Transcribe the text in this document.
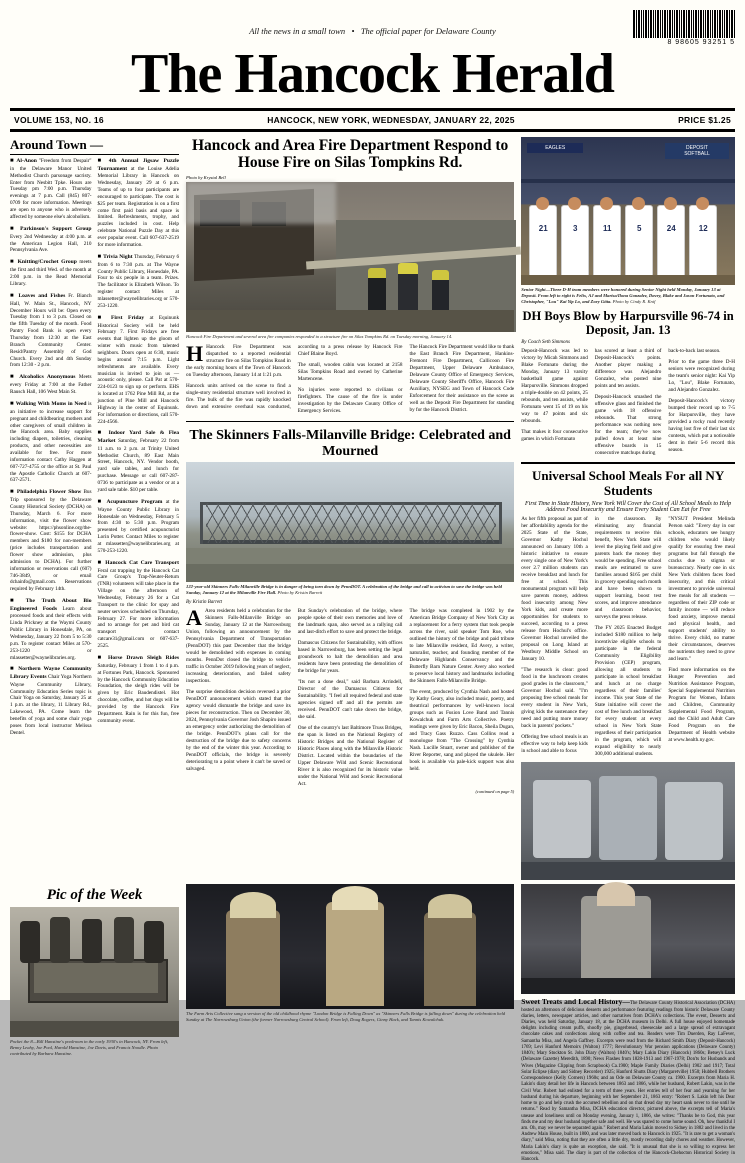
All the news in a small town   •   The official paper for Delaware County
8 98605 93251 5
The Hancock Herald
VOLUME 153, NO. 16	HANCOCK, NEW YORK, WEDNESDAY, JANUARY 22, 2025	PRICE $1.25
Around Town —

■ Al-Anon "Freedom from Despair" in the Delaware Manor United Methodist Church parsonage sacristy. Enter from Nesbitt Tpke. Hours are Tuesday pm 7:00 p.m. Thursday evenings at 7 p.m. Call (845) 807-0709 for more information. Meetings are open to anyone who is adversely affected by someone else's alcoholism.

■ Parkinson's Support Group Every 2nd Wednesday at 4:00 p.m. at the American Legion Hall, 210 Pennsylvania Ave.

■ Knitting/Crochet Group meets the first and third Wed. of the month at 2:00 p.m. in the Read Memorial Library.

■ Loaves and Fishes Fr. Bianch Hall, W. Main St., Hancock, NY December Hours will be: Open every Tuesday from 1 to 3 p.m. Closed on the fifth Tuesday of the month. Food Pantry Food Bank is open every Thursday from 12:30 at the East Branch Community Center. Resid/Pantry Assembly of God Church. Every 2nd and 4th Sunday from 12:30 - 2 p.m.

■ Alcoholics Anonymous Meets every Friday at 7:00 at the Father Rausch Hall, 106 West Main St.

■ Walking With Moms in Need is an initiative to increase support for pregnant and childbearing mothers and other caregivers of small children in the Hancock area. Baby supplies including diapers, toiletries, cleaning products, and other necessities are available for free. For more information contact Cathy Haggen at 607-727-4755 or the office at St. Paul the Apostle Catholic Church at 607-637-2571.

■ Philadelphia Flower Show Bus Trip sponsored by the Delaware County Historical Society (DCHA) on Thursday, March 6. For more information, visit the flower show website: https://phsonline.org/the-flower-show. Cost: $155 for DCHA members and $180 for non-members (price includes transportation and flower show admission, plus admission to DCHA). For further information or reservations call (607) 746-3849, or email dchainfo@gmail.com. Reservations required by February 14th.

■ The Truth About Bio Engineered Foods Learn about processed foods and their effects with Linda Prickney at the Waymi County Public Library in Honesdale, PA, on Wednesday, January 22 from 5 to 5:30 p.m. To register contact Miles at 570-253-1220 or mlassetter@waynelibraries.org.

■ Northern Wayne Community Library Events Chair Yoga Northern Wayne Community Library, Community Education Series topic is Chair Yoga on Saturday, January 25 at 1 p.m. at the library, 11 Library Rd., Lakewood, PA. Come learn the benefits of yoga and some chair yoga poses from local instructor Melissa Dentel.

■ 4th Annual Jigsaw Puzzle Tournament at the Louise Adelia Memorial Library in Hancock on Wednesday, January 29 at 6 p.m. Teams of up to four participants are encouraged to participate. The cost is $25 per team. Registration is on a first come first paid basis and space is limited. Refreshments, trophy, and puzzles included in cost. Help celebrate National Puzzle Day at this ever popular event. Call 607-637-2519 for more information.

■ Trivia Night Thursday, February 6 from 6 to 7:30 p.m. at The Wayne County Public Library, Honesdale, PA. Four to six people in a team. Prizes. The facilitator is Elizabeth Wilson. To register contact Miles at mlassetter@waynelibraries.org or 570-253-1220.

■ First Friday at Equinunk Historical Society will be held February 7. First Fridays are free events that lighten up the gloom of winter with music from talented neighbors. Doors open at 6:30, music begins around 7:15 p.m. Light refreshments are available. Every musician is invited to join us — acoustic only, please. Call Pat at 570-224-0123 to sign up or perform. EHS is located at 1762 Pine Mill Rd, at the junction of Pine Mill and Hancock Highway in the center of Equinunk. For information or directions, call 570-224-4566.

■ Indoor Yard Sale & Flea Market Saturday, February 22 from 11 a.m. to 2 p.m. at Trinity United Methodist Church, 89 East Main Street, Hancock, NY. Vendor booth, yard sale tables, and lunch for purchase. Message or call 607-287-0736 to participate as a vendor or at a yard sale table. $10 per table.

■ Acupuncture Program at the Wayne County Public Library in Honesdale on Wednesday, February 5 from 4:30 to 5:30 p.m. Program presented by certified acupuncturist Lorin Potter. Contact Miles to register at mlassetter@waynelibraries.org at 570-253-1220.

■ Hancock Cat Care Transport Feral cat trapping by the Hancock Cat Care Group's Trap-Neuter-Return (TNR) volunteers will take place in the Village on the afternoon of Wednesday, February 26 for a Cat Transport to the clinic for spay and neuter services scheduled on Thursday, February 27. For more information and to arrange for pet and bird cat transport contact catcare31@gmail.com or 607-637-2525.

■ Horse Drawn Sleigh Rides Saturday, February 1 from 1 to 4 p.m. at Fortunes Park, Hancock. Sponsored by the Hancock Community Education Foundation, the sleigh rides will be given by Eric Baudendistel. Hot chocolate, coffee, and hot dogs will be provided by the Hancock Fire Department. Rain is for this fun, free community event.

Hancock and Area Fire Department Respond to House Fire on Silas Tompkins Rd.
Photo by Krystal Bell
Hancock Fire Department and several area fire companies responded to a structure fire on Silas Tompkins Rd. on Tuesday morning, January 14.

H Hancock Fire Department was dispatched to a reported residential structure fire on Silas Tompkins Road in the early morning hours of the Town of Hancock on Tuesday afternoon, January 14 at 1:21 p.m.

Hancock units arrived on the scene to find a single-story residential structure well involved in fire. The bulk of the fire was rapidly knocked down and extensive overhaul was conducted, according to a press release by Hancock Fire Chief Blaine Boyd.

The small, wooden cabin was located at 2158 Silas Tompkins Road and owned by Catherine Martencene.

No injuries were reported to civilians or firefighters. The cause of the fire is under investigation by the Delaware County Office of Emergency Services.

The Hancock Fire Department would like to thank the East Branch Fire Department, Hankins-Fremont Fire Department, Callicoon Fire Department, Upper Delaware Ambulance, Delaware County Office of Emergency Services, Delaware County Sheriff's Office, Hancock Fire Auxiliary, NYSEG and Town of Hancock Code Enforcement for their assistance on the scene as well as the Deposit Fire Department for standing by for the Hancock District.

The Skinners Falls-Milanville Bridge: Celebrated and Mourned
122-year-old Skinners Falls-Milanville Bridge is in danger of being torn down by PennDOT. A celebration of the bridge and call to activism to save the bridge was held Sunday, January 12 at the Milanville Fire Hall. Photo by Kristin Barrett
By Kristin Barrett

A Area residents held a celebration for the Skinners Falls-Milanville Bridge on Sunday, January 12 at the Narrowsburg Union, following an announcement by the Pennsylvania Department of Transportation (PennDOT) this past December that the bridge would be demolished with expenses in coming months. PennDot closed the bridge to vehicle traffic in October 2019 following years of neglect, increasing deterioration, and failed safety inspections.

The surprise demolition decision reversed a prior PennDOT announcement which stated that the agency would dismantle the bridge and save its pieces for reconstruction. Then on December 30, 2024, Pennsylvania Governor Josh Shapiro issued an emergency order authorizing the demolition of the bridge. PennDOT's plans call for the destruction of the bridge due to safety concerns by the end of the winter this year. According to PennDOT officials, the bridge is severely deteriorating to a point where it can't be saved or salvaged.

But Sunday's celebration of the bridge, where people spoke of their own memories and love of the landmark span, also served as a rallying call and last-ditch effort to save and protect the bridge.

Damascus Citizens for Sustainability, with offices based in Narrowsburg, has been setting the legal groundwork to halt the demolition and area residents have been protesting the demolition of the bridge for years.

"Its not a done deal," said Barbara Arrindell, Director of the Damascus Citizens for Sustainability. "I feel all required federal and state agencies signed off and all the permits are received. PennDOT can't take down the bridge, she said.

One of the country's last Baltimore Truss Bridges, the span is listed on the National Registry of Historic Bridges and the National Register of Historic Places along with the Milanville Historic District. Located within the boundaries of the Upper Delaware Wild and Scenic Recreational River it is also recognized for its historic value under the National Wild and Scenic Recreational Act.

The bridge was completed in 1902 by the American Bridge Company of New York City as a replacement for a ferry system that took people across the river, said speaker Tom Rue, who outlined the history of the bridge and paid tribute to late Milanville resident, Ed Avery, a writer, naturalist, teacher, and founding member of the Delaware Highlands Conservancy and the Butterfly Barn Nature Center. Avery also worked to preserve local history and landmarks including the Skinners Falls-Milanville Bridge.

The event, produced by Cynthia Nash and hosted by Kathy Geary, also included music, poetry, and theatrical performances by well-known local groups such as Fusion Love Band and Tannis Kowalchuk and Farm Arts Collective. Poetry readings were given by Eric Bacon, Sheila Dugan, and Tracy Gass Ruzzo. Cass Collins read a monologue from "The Crossing" by Cynthia Nash. Lucille Stuart, owner and publisher of the River Reporter, sang and played the ukulele. Her book is available via pale-kick support was also held.

(continued on page 5)
EAGLES	DEPOSIT
SOFTBALL
21	3	11	5	24	12
Senior Night—Three D-H team members were honored during Senior Night held Monday, January 13 at Deposit. From left to right is Felix, AJ and Marisa/Ilona Gonzalez, Davey, Blake and Jason Fortunato, and Christopher, "Lou" Kai Yip Lo, and Zoey Gitta. Photo by Cindy R. Knif
DH Boys Blow by Harpursville 96-74 in Deposit, Jan. 13
By Coach Seth Simmons

Deposit-Hancock was led to victory by Micah Simmons and Blake Fortunato during the Monday, January 13 varsity basketball game against Harpursville. Simmons dropped a triple-double on 42 points, 25 rebounds, and ten assists, while Fortunato went 15 of 19 on his way to 47 points and six rebounds.

That makes it four consecutive games in which Fortunato

has scored at least a third of Deposit-Hancock's points. Another player making a difference was Alejandro Gonzalez, who posted nine points and ten assists.

Deposit-Hancock smashed the offensive glass and finished the game with 18 offensive rebounds. That strong performance was nothing new for the team; they've now pulled down at least nine offensive boards in 15 consecutive matchups during

back-to-back last season.

Prior to the game three D-H seniors were recognized during the team's senior night: Kai Yip Lo, "Lou", Blake Fortunato, and Alejandro Gonzalez.

Deposit-Hancock's victory bumped their record up to 7-5 for Harpursville, they have provided a rocky road recently having lost five of their last six contests, which put a noticeable dent in their 5-6 record this season.

Universal School Meals For all NY Students
First Time in State History, New York Will Cover the Cost of All School Meals to Help Address Food Insecurity and Ensure Every Student Can Eat for Free

As her fifth proposal as part of her affordability agenda for the 2025 State of the State, Governor Kathy Hochul announced on January 10th a historic initiative to ensure every single one of New York's over 2.7 million students can receive breakfast and lunch for free at school. This monumental program will help save parents money, address food insecurity among New York kids, and create more opportunities for students to succeed, according to a press release from Hochul's office. Governor Hochul unveiled the proposal on Long Island at Westbury Middle School on January 10.

"The research is clear: good food in the lunchroom creates good grades in the classroom," Governor Hochul said. "I'm proposing free school meals for every student in New York, giving kids the sustenance they need and putting more money back in parents' pockets."

Offering free school meals is an effective way to help keep kids in school and able to focus

in the classroom. By eliminating any financial requirements to receive this benefit, New York State will level the playing field and give parents back the money they would be spending. Free school meals are estimated to save families around $165 per child in grocery spending each month and have been shown to support learning, boost test scores, and improve attendance and classroom behavior, surveys the press release.

The FY 2025 Enacted Budget included $180 million to help incentivize eligible schools to participate in the federal Community Eligibility Provision (CEP) program, allowing all students to participate in school breakfast and lunch at no charge regardless of their families' income. This year State of the State initiative will cover the cost of free lunch and breakfast for every student at every school in New York State regardless of their participation in the program, which will expand eligibility to nearly 300,000 additional students.

"NYSUT President Melinda Person said: "Every day in our schools, educators see hungry children who would likely qualify for ensuring free meal programs but fall through the cracks due to stigma or bureaucracy. Nearly one in six New York children faces food insecurity, and this critical investment to provide universal free meals for all students — regardless of their ZIP code or family income — will reduce food anxiety, improve mental and physical health, and support students' ability to thrive. Every child, no matter their circumstances, deserves the nutrients they need to grow and learn."

Find more information on the Hunger Prevention and Nutrition Assistance Program, Special Supplemental Nutrition Program for Women, Infants and Children, Community Supplemental Food Program, and the Child and Adult Care Food Program on the Department of Health website at www.health.ny.gov.

Pic of the Week
Pocket the 8—Bill Hanstine's poolroom in the early 1930's in Hancock, NY. From left, Benny Leahy, Joe Pool, Harold Hanstine, Joe Davis, and Francis Noodle. Photo contributed by Barbara Hanstine.
The Farm Arts Collective sang a version of the old childhood rhyme "London Bridge is Falling Down" as "Skinners Falls Bridge is falling down" during the celebration held Sunday at The Narrowsburg Union (the former Narrowsburg Central School). From left, Doug Rogers, Ginny Hack, and Tannis Kowalchuk.
Sweet Treats and Local History—The Delaware County Historical Association (DCHA) hosted an afternoon of delicious desserts and performance featuring readings from historic Delaware County diaries, letters, newspaper articles, and other narratives from DCHA's collections. The event, Desserts and Diaries, was held Saturday, January 18, at the DCHA museum in Delhi. A full house enjoyed homemade delights including cream puffs, shoofly pie, gingerbread, cheesecake and a large spread of extravagant chocolate cakes and confections along with coffee and tea. Readers were Tim Duerden, Ray LaFever, Samantha Misa, and Angela Gaffney. Excerpts were read from the Richard Smith Diary (Deposit-Hancock) 1769; Levi Hanford Memoirs (Walton) 1777; Revolutionary War pension applications (Delaware County) 1840's; Mary Stockton St. John Diary (Walton) 1840's; Mary Lakin Diary (Hancock) 1860s; Betsey's Luck (Delaware Gazette) Meredith, 1890; News Flashes from 1828-1913 and 1967-1978; Don'ts for Husbands and Wives (Magazine Clipping from Scrapbook) Ca.1900; Maple Family Diaries (Delhi) 1902 and 1917; Total Solar Eclipse (diary and Sidney Recorder) 1925; Hanford Shutts Diary (Margaretville) 1950; Hubbell Brothers Correspondence (Kelly Corners) 1960s; and an Ode on Delaware County ca. 1900. Excerpts from Maria H. Lakin's diary detail her life in Hancock between 1863 and 1866, while her husband, Robert Lakin, was in the Civil War. Robert had enlisted for a term of three years. Her entries tell of her fear and yearning for her husband during his departure, beginning with her September 21, 1863 entry: "Robert S. Lakin left his Dear home to go and help crush the accursed rebellion and on that dread day my heart sank never to rise until he returns." Read by Samantha Misa, DCHA education director, pictured above, the excerpts tell of Maria's unease and loneliness until on Monday evening, January 1, 1866, she writes: "Thanks be to God, this year finds me and my dear husband together safe and well. He was spared to come home sound. Oh, how thankful I am. Oh, may we never be separated again." Robert and Maria Lakin moved to Sidney in 1882 and lived in the Andrew Main House, built in 1800, and was later moved back to Hancock in 1925. "It is rare to get a woman's diary," said Misa, noting that they are often a little dry, mostly recording daily chores and weather. However, Maria Lakin's diary is quite an exception, she said. "It is unusual that she is so willing to express her emotions," Misa said. The diary is part of the collection of the Hancock-Chehocton Historical Society in Hancock.
